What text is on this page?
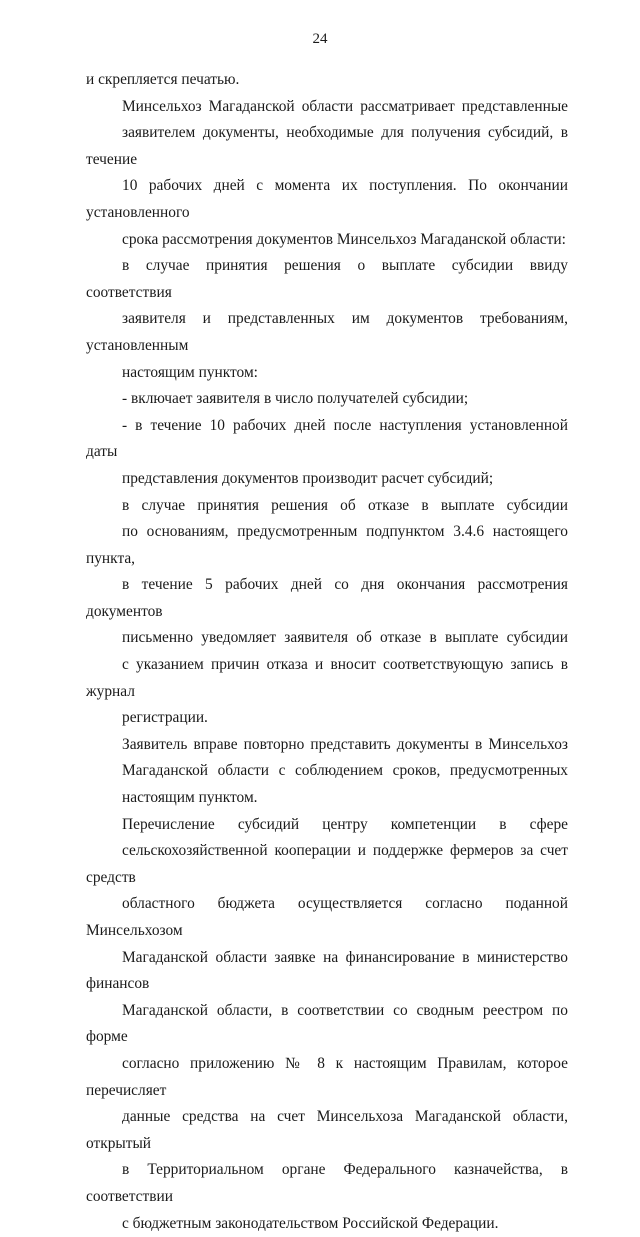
24
и скрепляется печатью.
Минсельхоз Магаданской области рассматривает представленные
заявителем документы, необходимые для получения субсидий, в течение
10 рабочих дней с момента их поступления. По окончании установленного
срока рассмотрения документов Минсельхоз Магаданской области:
в случае принятия решения о выплате субсидии ввиду соответствия
заявителя и представленных им документов требованиям, установленным
настоящим пунктом:
- включает заявителя в число получателей субсидии;
- в течение 10 рабочих дней после наступления установленной даты
представления документов производит расчет субсидий;
в случае принятия решения об отказе в выплате субсидии
по основаниям, предусмотренным подпунктом 3.4.6 настоящего пункта,
в течение 5 рабочих дней со дня окончания рассмотрения документов
письменно уведомляет заявителя об отказе в выплате субсидии
с указанием причин отказа и вносит соответствующую запись в журнал
регистрации.
Заявитель вправе повторно представить документы в Минсельхоз
Магаданской области с соблюдением сроков, предусмотренных
настоящим пунктом.
Перечисление субсидий центру компетенции в сфере
сельскохозяйственной кооперации и поддержке фермеров за счет средств
областного бюджета осуществляется согласно поданной Минсельхозом
Магаданской области заявке на финансирование в министерство финансов
Магаданской области, в соответствии со сводным реестром по форме
согласно приложению № 8 к настоящим Правилам, которое перечисляет
данные средства на счет Минсельхоза Магаданской области, открытый
в Территориальном органе Федерального казначейства, в соответствии
с бюджетным законодательством Российской Федерации.
